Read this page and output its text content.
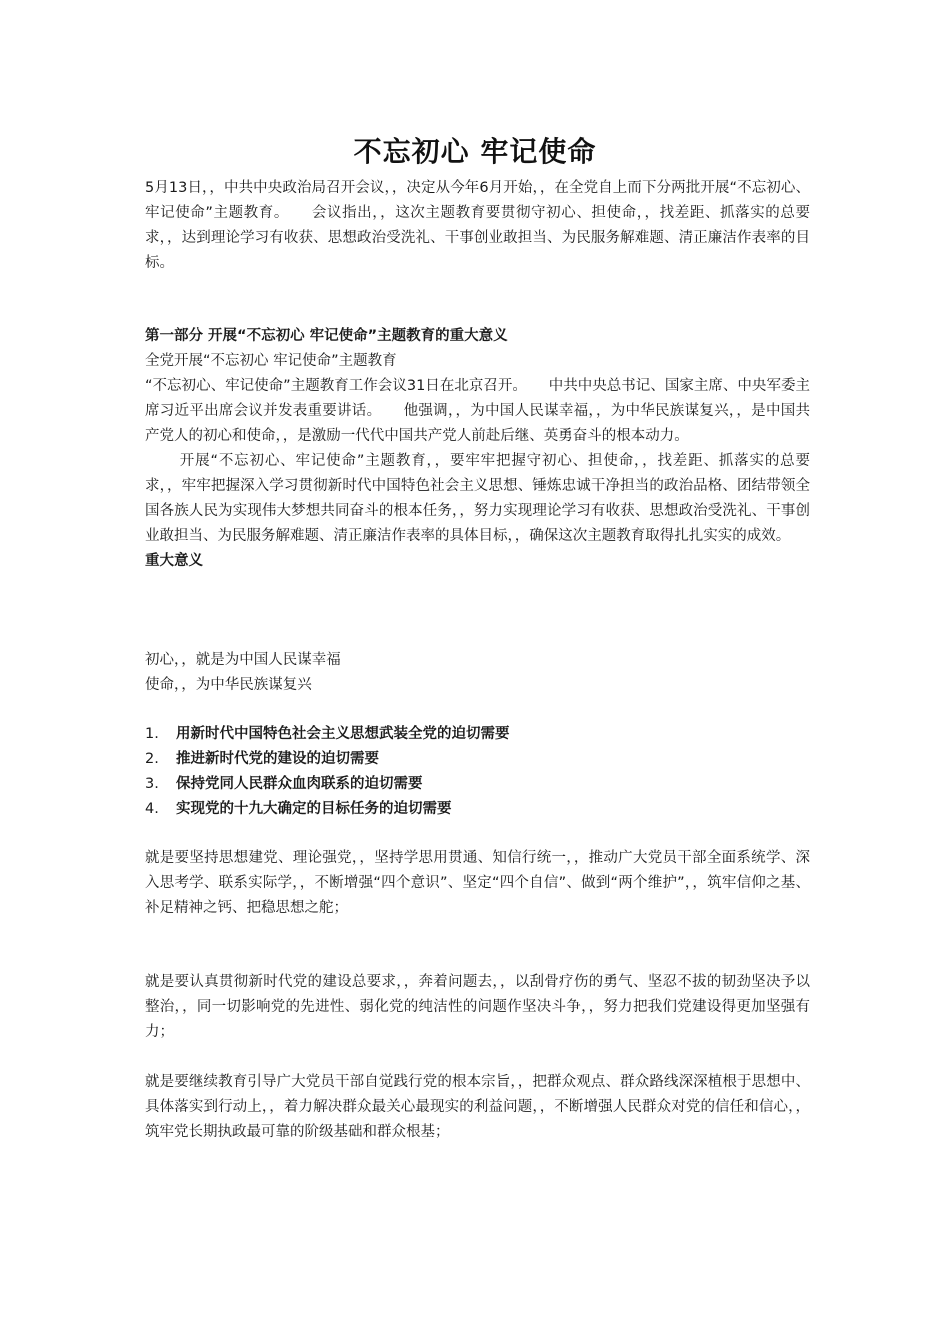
不忘初心 牢记使命

5月13日，，中共中央政治局召开会议，，决定从今年6月开始，，在全党自上而下分两批开展“不忘初心、牢记使命”主题教育。　　会议指出，，这次主题教育要贯彻守初心、担使命，，找差距、抓落实的总要求，，达到理论学习有收获、思想政治受洗礼、干事创业敢担当、为民服务解难题、清正廉洁作表率的目标。

第一部分 开展“不忘初心 牢记使命”主题教育的重大意义

全党开展“不忘初心 牢记使命”主题教育

“不忘初心、牢记使命”主题教育工作会议31日在北京召开。　　中共中央总书记、国家主席、中央军委主席习近平出席会议并发表重要讲话。　　他强调，，为中国人民谋幸福，，为中华民族谋复兴，，是中国共产党人的初心和使命，，是激励一代代中国共产党人前赴后继、英勇奋斗的根本动力。

开展“不忘初心、牢记使命”主题教育，，要牢牢把握守初心、担使命，，找差距、抓落实的总要求，，牢牢把握深入学习贯彻新时代中国特色社会主义思想、锤炼忠诚干净担当的政治品格、团结带领全国各族人民为实现伟大梦想共同奋斗的根本任务，，努力实现理论学习有收获、思想政治受洗礼、干事创业敢担当、为民服务解难题、清正廉洁作表率的具体目标，，确保这次主题教育取得扎扎实实的成效。

重大意义

初心，，就是为中国人民谋幸福

使命，，为中华民族谋复兴

1.	用新时代中国特色社会主义思想武装全党的迫切需要
2.	推进新时代党的建设的迫切需要
3.	保持党同人民群众血肉联系的迫切需要
4.	实现党的十九大确定的目标任务的迫切需要

就是要坚持思想建党、理论强党，，坚持学思用贯通、知信行统一，，推动广大党员干部全面系统学、深入思考学、联系实际学，，不断增强“四个意识”、坚定“四个自信”、做到“两个维护”，，筑牢信仰之基、补足精神之钙、把稳思想之舵；

就是要认真贯彻新时代党的建设总要求，，奔着问题去，，以刮骨疗伤的勇气、坚忍不拔的韧劲坚决予以整治，，同一切影响党的先进性、弱化党的纯洁性的问题作坚决斗争，，努力把我们党建设得更加坚强有力；

就是要继续教育引导广大党员干部自觉践行党的根本宗旨，，把群众观点、群众路线深深植根于思想中、具体落实到行动上，，着力解决群众最关心最现实的利益问题，，不断增强人民群众对党的信任和信心，，筑牢党长期执政最可靠的阶级基础和群众根基；
